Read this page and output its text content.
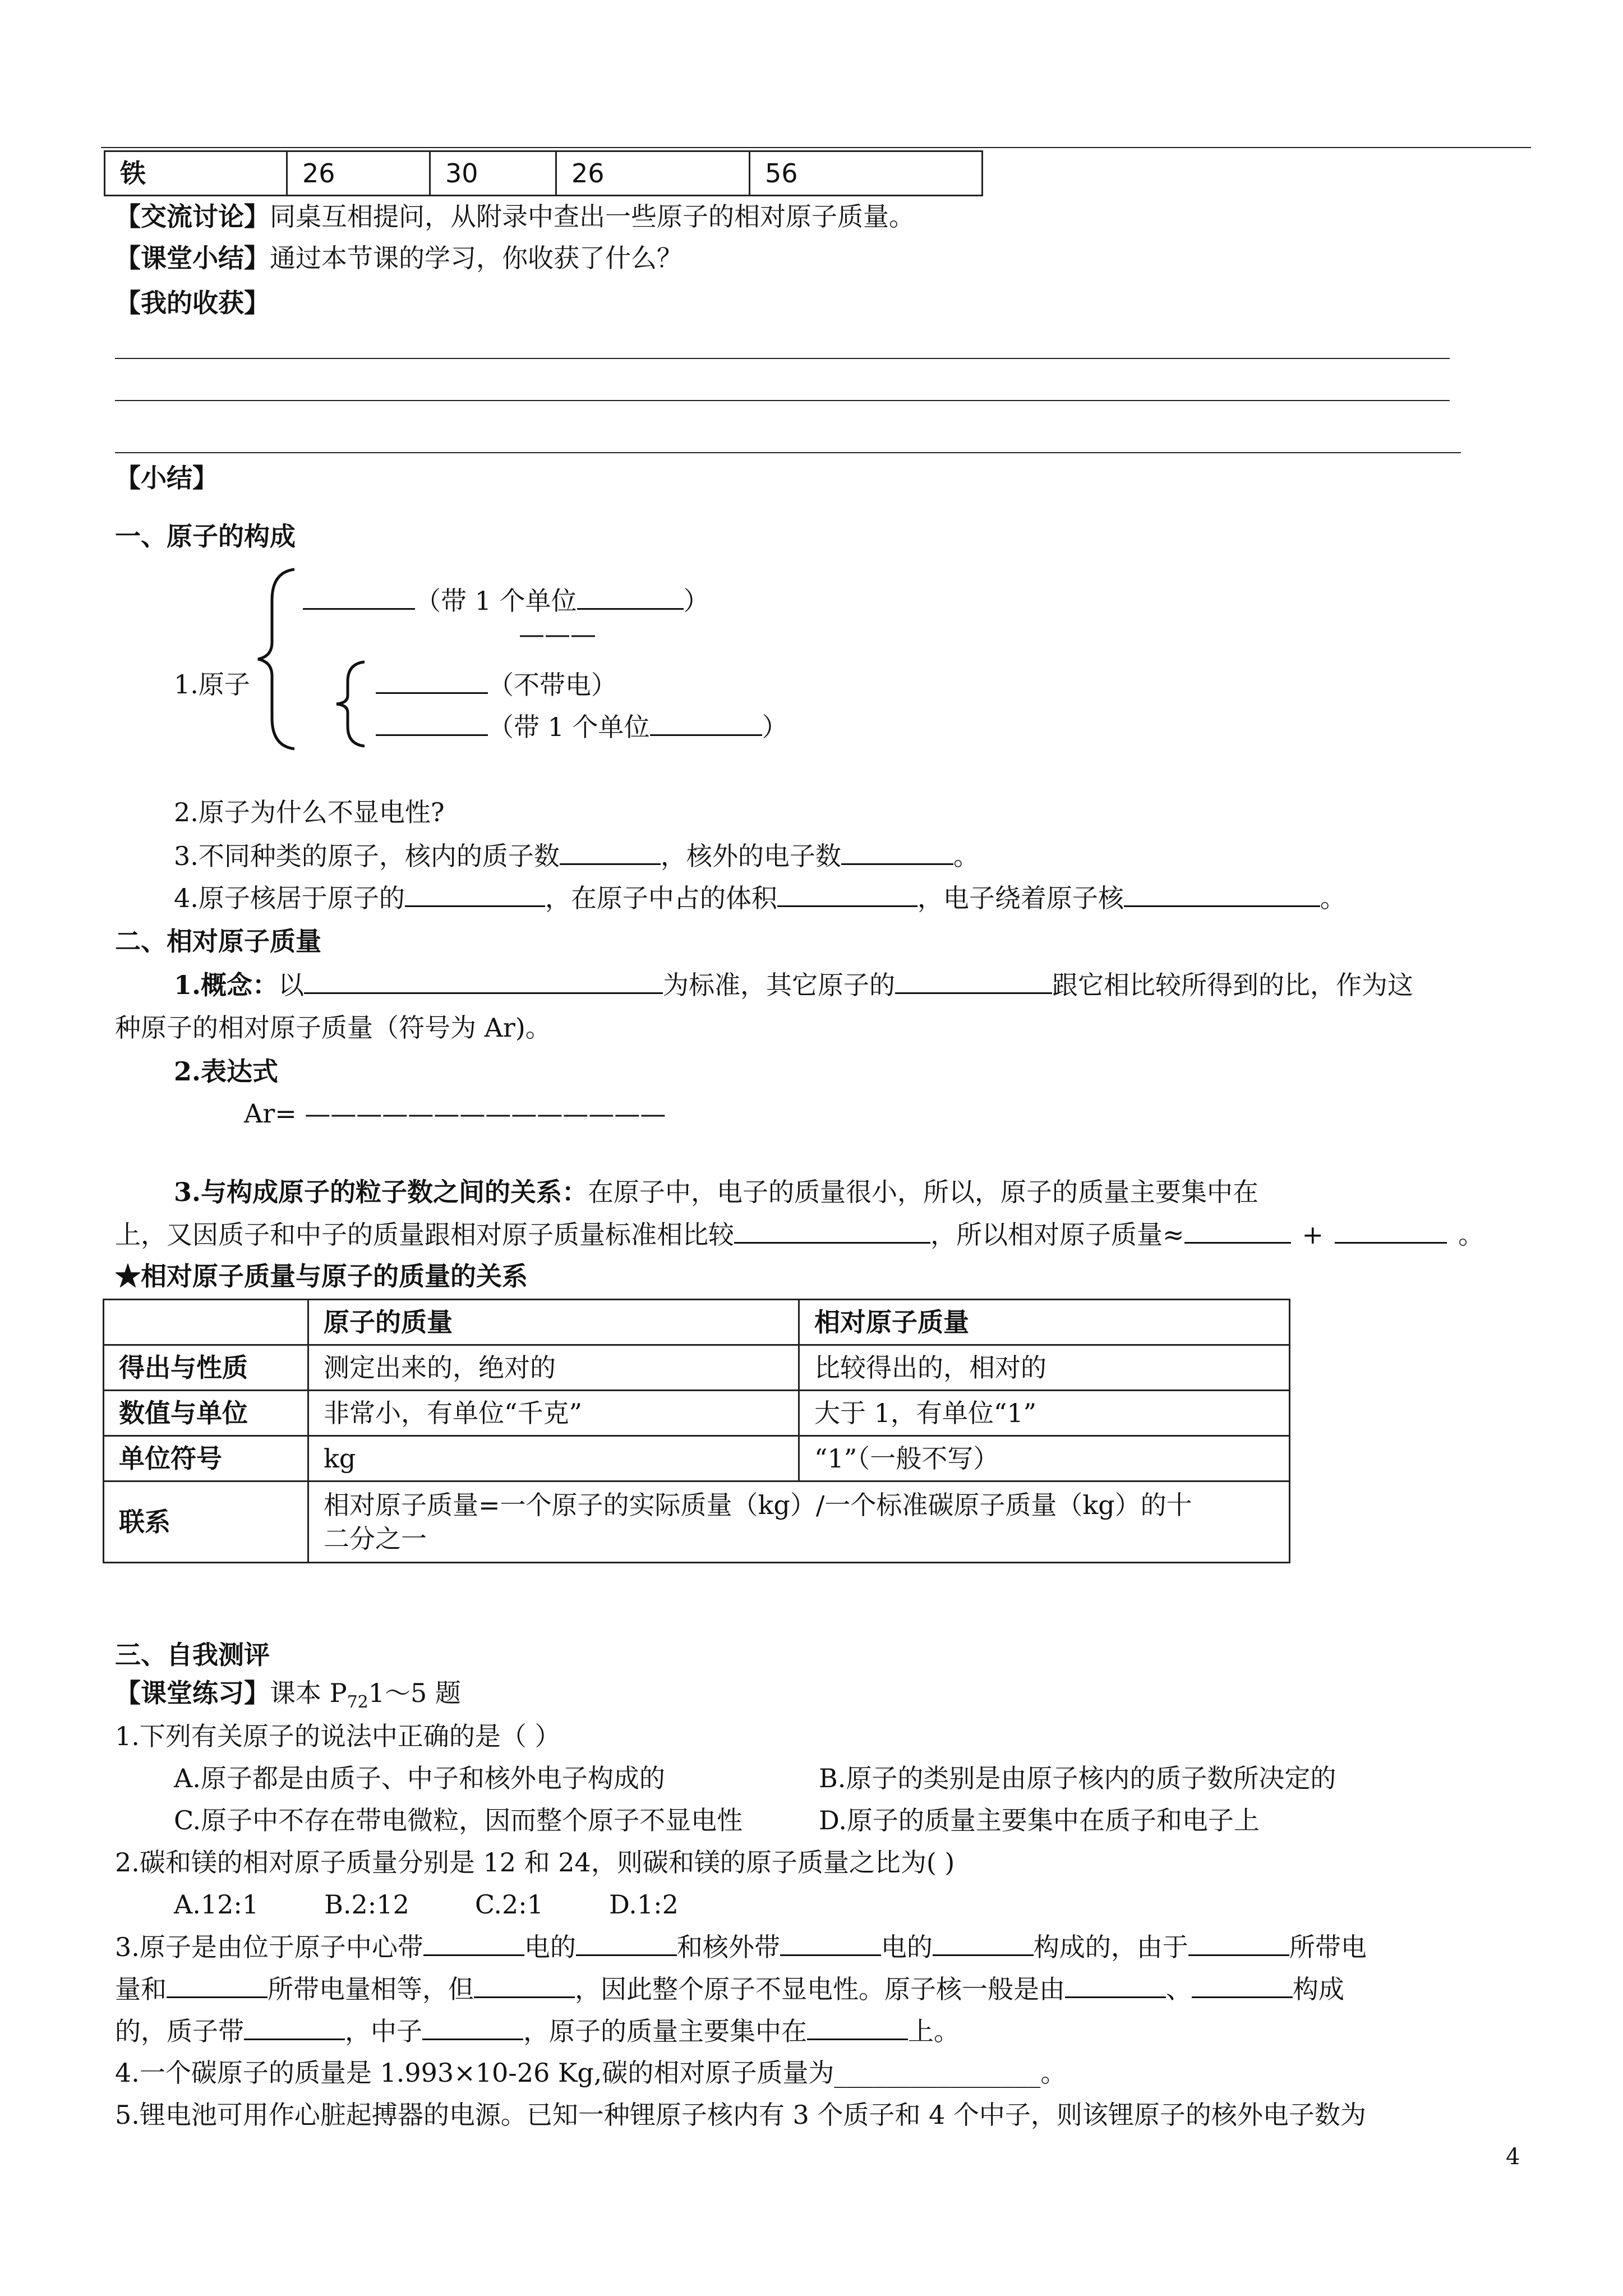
铁	26	30	26	56
【交流讨论】同桌互相提问，从附录中查出一些原子的相对原子质量。
【课堂小结】通过本节课的学习，你收获了什么？
【我的收获】
【小结】
一、原子的构成
（带 1 个单位	）
———
1.原子	（不带电）
（带 1 个单位	）
2.原子为什么不显电性?
3.不同种类的原子，核内的质子数	，核外的电子数	。
4.原子核居于原子的	，在原子中占的体积	，电子绕着原子核	。
二、相对原子质量
1.概念：以	为标准，其它原子的	跟它相比较所得到的比，作为这
种原子的相对原子质量（符号为 Ar)。
2.表达式
Ar= ——————————————
3.与构成原子的粒子数之间的关系：在原子中，电子的质量很小，所以，原子的质量主要集中在
上，又因质子和中子的质量跟相对原子质量标准相比较	，所以相对原子质量≈	+	。
★相对原子质量与原子的质量的关系
	原子的质量	相对原子质量
得出与性质	测定出来的，绝对的	比较得出的，相对的
数值与单位	非常小，有单位“千克”	大于 1，有单位“1”
单位符号	kg	“1”（一般不写）
联系	相对原子质量=一个原子的实际质量（kg）/一个标准碳原子质量（kg）的十
二分之一	
三、自我测评
【课堂练习】课本 $P_{72}1\sim 5$ 题
1.下列有关原子的说法中正确的是（ ）
A.原子都是由质子、中子和核外电子构成的	B.原子的类别是由原子核内的质子数所决定的
C.原子中不存在带电微粒，因而整个原子不显电性	D.原子的质量主要集中在质子和电子上
2.碳和镁的相对原子质量分别是 12 和 24，则碳和镁的原子质量之比为( )
A.12:1        B.2:12        C.2:1        D.1:2
3.原子是由位于原子中心带	电的	和核外带	电的	构成的，由于	所带电
量和	所带电量相等，但	，因此整个原子不显电性。原子核一般是由	、	构成
的，质子带	，中子	，原子的质量主要集中在	上。
4.一个碳原子的质量是 1.993×10-26 Kg,碳的相对原子质量为________________。
5.锂电池可用作心脏起搏器的电源。已知一种锂原子核内有 3 个质子和 4 个中子，则该锂原子的核外电子数为
4
